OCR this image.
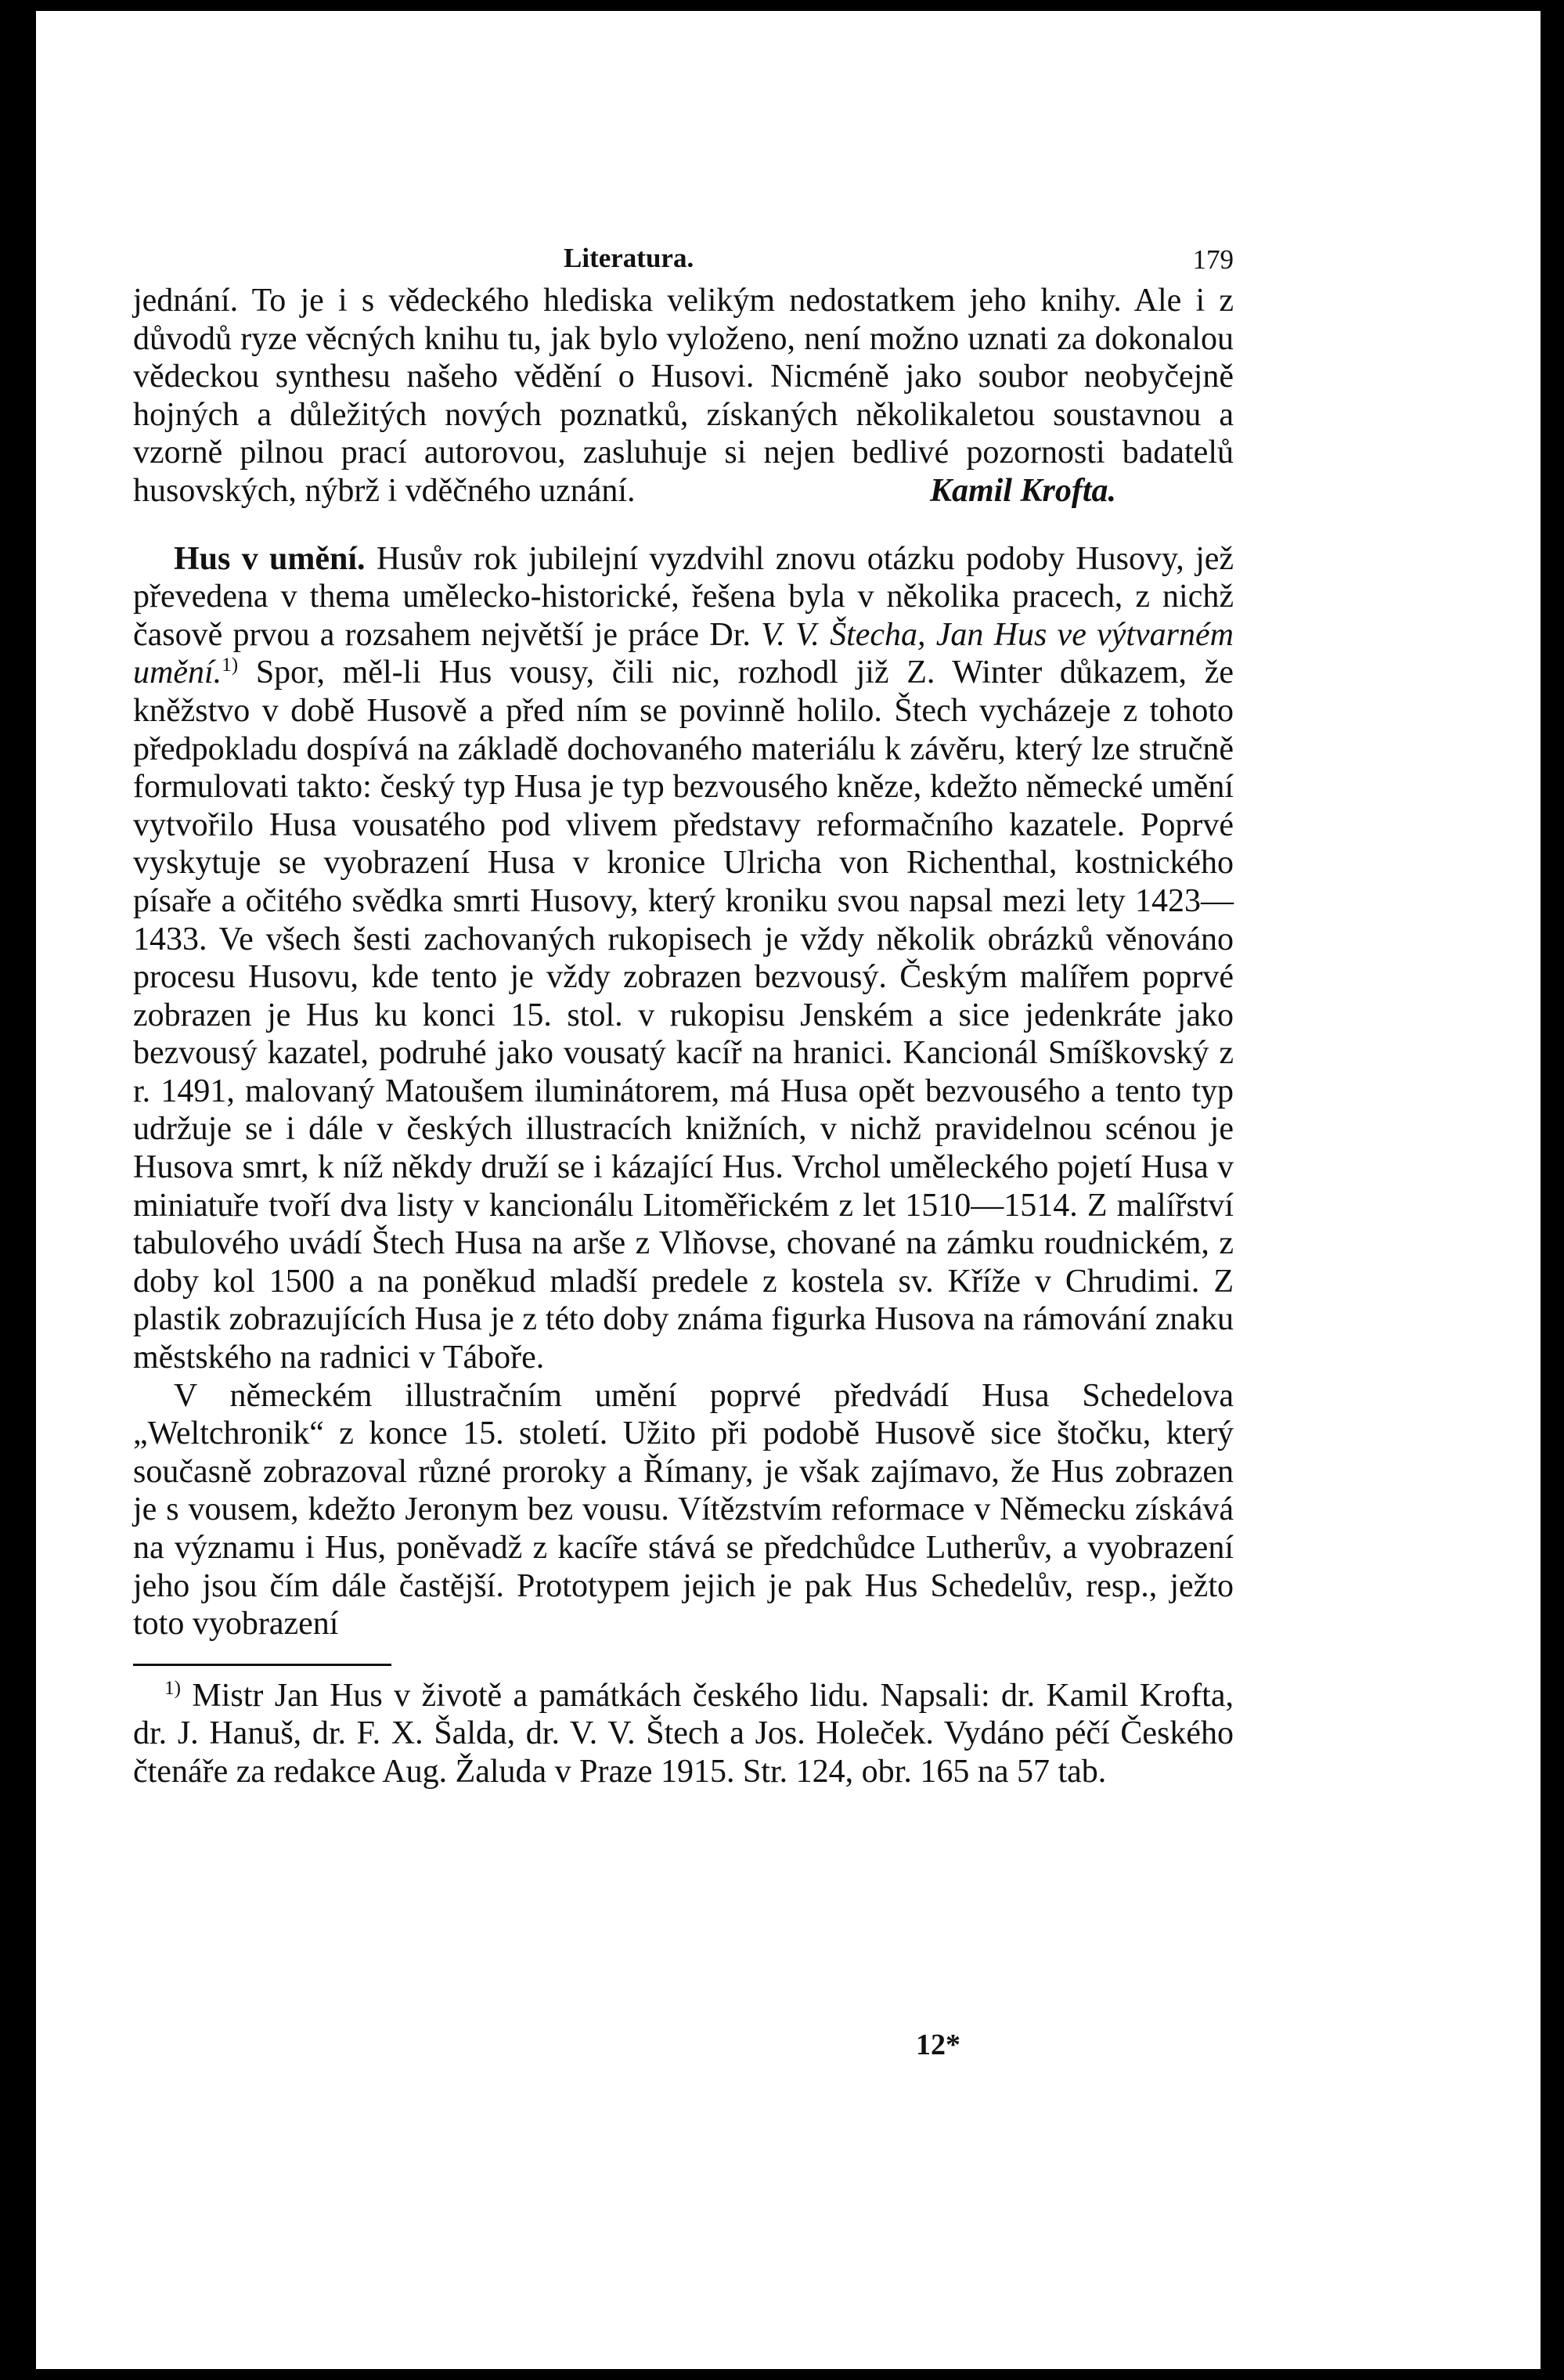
Literatura.	179

jednání. To je i s vědeckého hlediska velikým nedostatkem jeho knihy. Ale i z důvodů ryze věcných knihu tu, jak bylo vyloženo, není možno uznati za dokonalou vědeckou synthesu našeho vědění o Husovi. Nicméně jako soubor neobyčejně hojných a důležitých nových poznatků, získaných několikaletou soustavnou a vzorně pilnou prací autorovou, zasluhuje si nejen bedlivé pozornosti badatelů husovských, nýbrž i vděčného uznání.	Kamil Krofta.

Hus v umění. Husův rok jubilejní vyzdvihl znovu otázku podoby Husovy, jež převedena v thema umělecko-historické, řešena byla v několika pracech, z nichž časově prvou a rozsahem největší je práce Dr. V. V. Štecha, Jan Hus ve výtvarném umění.$^{1)}$ Spor, měl-li Hus vousy, čili nic, rozhodl již Z. Winter důkazem, že kněžstvo v době Husově a před ním se povinně holilo. Štech vycházeje z tohoto předpokladu dospívá na základě dochovaného materiálu k závěru, který lze stručně formulovati takto: český typ Husa je typ bezvousého kněze, kdežto německé umění vytvořilo Husa vousatého pod vlivem představy reformačního kazatele. Poprvé vyskytuje se vyobrazení Husa v kronice Ulricha von Richenthal, kostnického písaře a očitého svědka smrti Husovy, který kroniku svou napsal mezi lety 1423—1433. Ve všech šesti zachovaných rukopisech je vždy několik obrázků věnováno procesu Husovu, kde tento je vždy zobrazen bezvousý. Českým malířem poprvé zobrazen je Hus ku konci 15. stol. v rukopisu Jenském a sice jedenkráte jako bezvousý kazatel, podruhé jako vousatý kacíř na hranici. Kancionál Smíškovský z r. 1491, malovaný Matoušem iluminátorem, má Husa opět bezvousého a tento typ udržuje se i dále v českých illustracích knižních, v nichž pravidelnou scénou je Husova smrt, k níž někdy druží se i kázající Hus. Vrchol uměleckého pojetí Husa v miniatuře tvoří dva listy v kancionálu Litoměřickém z let 1510—1514. Z malířství tabulového uvádí Štech Husa na arše z Vlňovse, chované na zámku roudnickém, z doby kol 1500 a na poněkud mladší predele z kostela sv. Kříže v Chrudimi. Z plastik zobrazujících Husa je z této doby známa figurka Husova na rámování znaku městského na radnici v Táboře.

V německém illustračním umění poprvé předvádí Husa Schedelova „Weltchronik“ z konce 15. století. Užito při podobě Husově sice štočku, který současně zobrazoval různé proroky a Římany, je však zajímavo, že Hus zobrazen je s vousem, kdežto Jeronym bez vousu. Vítězstvím reformace v Německu získává na významu i Hus, poněvadž z kacíře stává se předchůdce Lutherův, a vyobrazení jeho jsou čím dále častější. Prototypem jejich je pak Hus Schedelův, resp., ježto toto vyobrazení

$^{1)}$ Mistr Jan Hus v životě a památkách českého lidu. Napsali: dr. Kamil Krofta, dr. J. Hanuš, dr. F. X. Šalda, dr. V. V. Štech a Jos. Holeček. Vydáno péčí Českého čtenáře za redakce Aug. Žaluda v Praze 1915. Str. 124, obr. 165 na 57 tab.

12*
